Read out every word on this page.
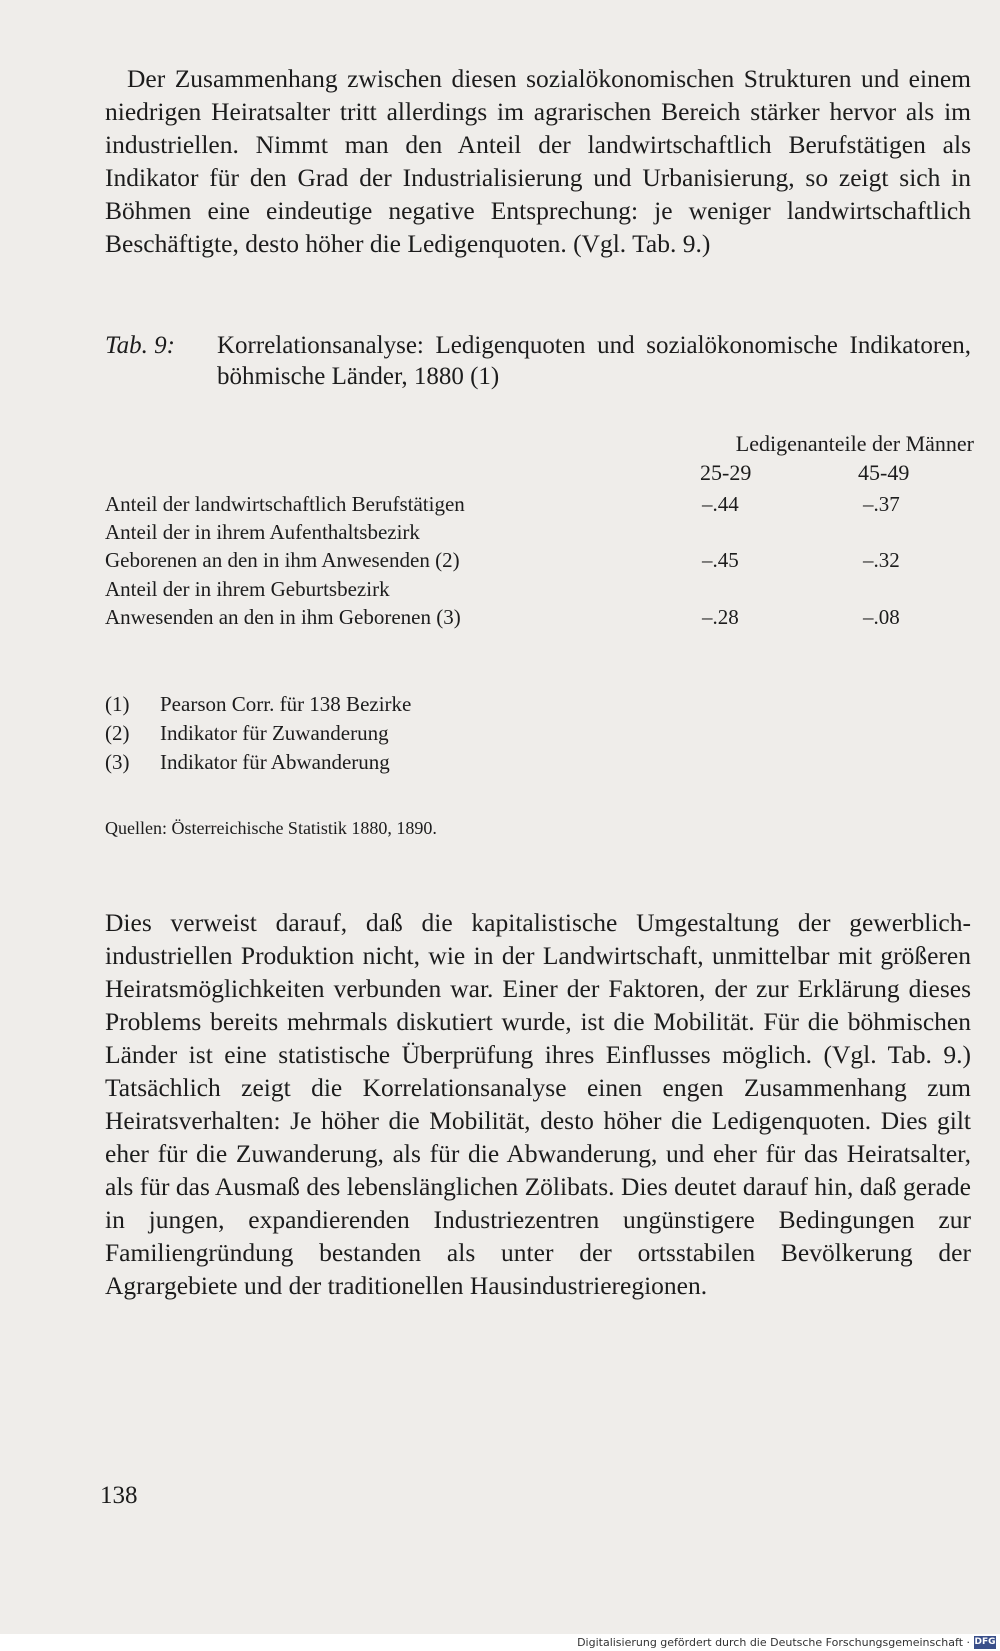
Der Zusammenhang zwischen diesen sozialökonomischen Strukturen und einem niedrigen Heiratsalter tritt allerdings im agrarischen Bereich stärker hervor als im industriellen. Nimmt man den Anteil der landwirtschaftlich Berufstätigen als Indikator für den Grad der Industrialisierung und Urbanisierung, so zeigt sich in Böhmen eine eindeutige negative Entsprechung: je weniger landwirtschaftlich Beschäftigte, desto höher die Ledigenquoten. (Vgl. Tab. 9.)

Tab. 9: Korrelationsanalyse: Ledigenquoten und sozialökonomische Indikatoren, böhmische Länder, 1880 (1)
Ledigenanteile der Männer
25-29	45-49
Anteil der landwirtschaftlich Berufstätigen	–.44	–.37
Anteil der in ihrem Aufenthaltsbezirk
Geborenen an den in ihm Anwesenden (2)	–.45	–.32
Anteil der in ihrem Geburtsbezirk
Anwesenden an den in ihm Geborenen (3)	–.28	–.08
(1) Pearson Corr. für 138 Bezirke
(2) Indikator für Zuwanderung
(3) Indikator für Abwanderung
Quellen: Österreichische Statistik 1880, 1890.

Dies verweist darauf, daß die kapitalistische Umgestaltung der gewerblich-industriellen Produktion nicht, wie in der Landwirtschaft, unmittelbar mit größeren Heiratsmöglichkeiten verbunden war. Einer der Faktoren, der zur Erklärung dieses Problems bereits mehrmals diskutiert wurde, ist die Mobilität. Für die böhmischen Länder ist eine statistische Überprüfung ihres Einflusses möglich. (Vgl. Tab. 9.) Tatsächlich zeigt die Korrelationsanalyse einen engen Zusammenhang zum Heiratsverhalten: Je höher die Mobilität, desto höher die Ledigenquoten. Dies gilt eher für die Zuwanderung, als für die Abwanderung, und eher für das Heiratsalter, als für das Ausmaß des lebenslänglichen Zölibats. Dies deutet darauf hin, daß gerade in jungen, expandierenden Industriezentren ungünstigere Bedingungen zur Familiengründung bestanden als unter der ortsstabilen Bevölkerung der Agrargebiete und der traditionellen Hausindustrieregionen.

138
Digitalisierung gefördert durch die Deutsche Forschungsgemeinschaft · DFG
